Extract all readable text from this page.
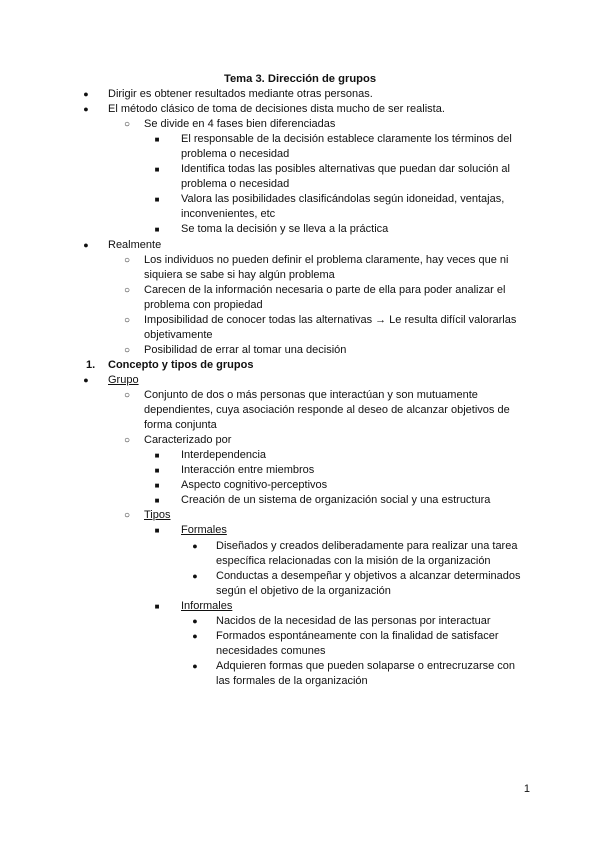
Tema 3. Dirección de grupos
●	Dirigir es obtener resultados mediante otras personas.
●	El método clásico de toma de decisiones dista mucho de ser realista.
○	Se divide en 4 fases bien diferenciadas
■	El responsable de la decisión establece claramente los términos del
problema o necesidad
■	Identifica todas las posibles alternativas que puedan dar solución al
problema o necesidad
■	Valora las posibilidades clasificándolas según idoneidad, ventajas,
inconvenientes, etc
■	Se toma la decisión y se lleva a la práctica
●	Realmente
○	Los individuos no pueden definir el problema claramente, hay veces que ni
siquiera se sabe si hay algún problema
○	Carecen de la información necesaria o parte de ella para poder analizar el
problema con propiedad
○	Imposibilidad de conocer todas las alternativas → Le resulta difícil valorarlas
objetivamente
○	Posibilidad de errar al tomar una decisión
1. Concepto y tipos de grupos
●	Grupo
○	Conjunto de dos o más personas que interactúan y son mutuamente
dependientes, cuya asociación responde al deseo de alcanzar objetivos de
forma conjunta
○	Caracterizado por
■	Interdependencia
■	Interacción entre miembros
■	Aspecto cognitivo-perceptivos
■	Creación de un sistema de organización social y una estructura
○	Tipos
■	Formales
●	Diseñados y creados deliberadamente para realizar una tarea
específica relacionadas con la misión de la organización
●	Conductas a desempeñar y objetivos a alcanzar determinados
según el objetivo de la organización
■	Informales
●	Nacidos de la necesidad de las personas por interactuar
●	Formados espontáneamente con la finalidad de satisfacer
necesidades comunes
●	Adquieren formas que pueden solaparse o entrecruzarse con
las formales de la organización
1
